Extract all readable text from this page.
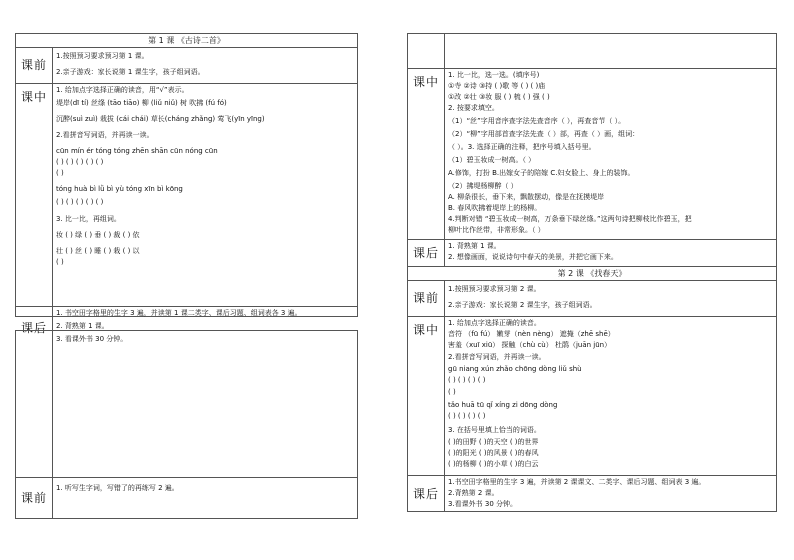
第 1 课 《古诗二首》
课前
1.按照预习要求预习第 1 课。
2.亲子游戏：家长说第 1 课生字，孩子组词语。
课中	1. 给加点字选择正确的读音，用“√”表示。
堤岸(dī tí) 丝绦 (tāo tiāo) 柳 (liǔ niǔ) 树 吹拂 (fú fó)
沉醉(suì zuì) 栽拔 (cái chái) 草长(cháng zhǎng) 莺飞(yīn yīng)
2.看拼音写词语，并再读一读。
cūn mín ér tóng tóng zhēn shān cūn nóng cūn
( ) ( ) ( ) ( ) ( )
( )
tóng huà bì lǜ bì yù tóng xīn bì kōng
( ) ( ) ( ) ( ) ( )
3. 比一比，再组词。
妆 ( ) 绿 ( ) 垂 ( ) 裁 ( ) 依
壮 ( ) 丝 ( ) 睡 ( ) 栽 ( ) 以
( )
课后
1. 书空田字格里的生字 3 遍，并读第 1 课二类字、课后习题、组词表各 3 遍。
2. 背熟第 1 课。
3. 看课外书 30 分钟。
课前
1. 听写生字词，写错了的再练写 2 遍。
课中	1. 比一比，选一选。(填序号)
①寺 ②诗 ③持 ( )歌 等 ( ) ( )庙
①改 ②壮 ③妆 服 ( ) 梳 ( ) 强 ( )
2. 按要求填空。
（1）“丝”字用音序查字法先查音序（ ），再查音节（ ）。
（2）“柳”字用部首查字法先查（ ）部，再查（ ）画，组词：
（ ）。3. 选择正确的注释，把序号填入括号里。
（1）碧玉妆成一树高。（ ）
A.修饰，打扮 B.出嫁女子的陪嫁 C.妇女脸上、身上的装饰。
（2）拂堤杨柳醉（ ）
A. 柳条很长，垂下来，飘散摆动，像是在抚摸堤岸
B. 春风吹拂着堤岸上的杨柳。
4.判断对错 “碧玉妆成一树高，万条垂下绿丝绦。”这两句诗把柳枝比作碧玉，把
柳叶比作丝带，非常形象。（ ）
课后	1. 背熟第 1 课。
2. 想像画面，说说诗句中春天的美景，并把它画下来。
第 2 课 《找春天》
课前
1.按照预习要求预习第 2 课。
2.亲子游戏：家长说第 2 课生字，孩子组词语。
课中	1. 给加点字选择正确的读音。
音符 （fū fú） 嫩芽（nèn nèng） 遮掩（zhē shē）
害羞（xuī xiū） 探触（chù cù） 杜鹃（juān jūn）
2.看拼音写词语，并再读一读。
gū niang xún zhǎo chōng dòng liǔ shù
( ) ( ) ( ) ( )
( )
tǎo huā tū qǐ xíng zi dōng dòng
( ) ( ) ( ) ( )
3. 在括号里填上恰当的词语。
( )的田野 ( )的天空 ( )的世界
( )的阳光 ( )的风景 ( )的春风
( )的杨柳 ( )的小草 ( )的白云
课后
1.书空田字格里的生字 3 遍，并读第 2 课课文、二类字、课后习题、组词表 3 遍。
2.背熟第 2 课。
3.看课外书 30 分钟。
